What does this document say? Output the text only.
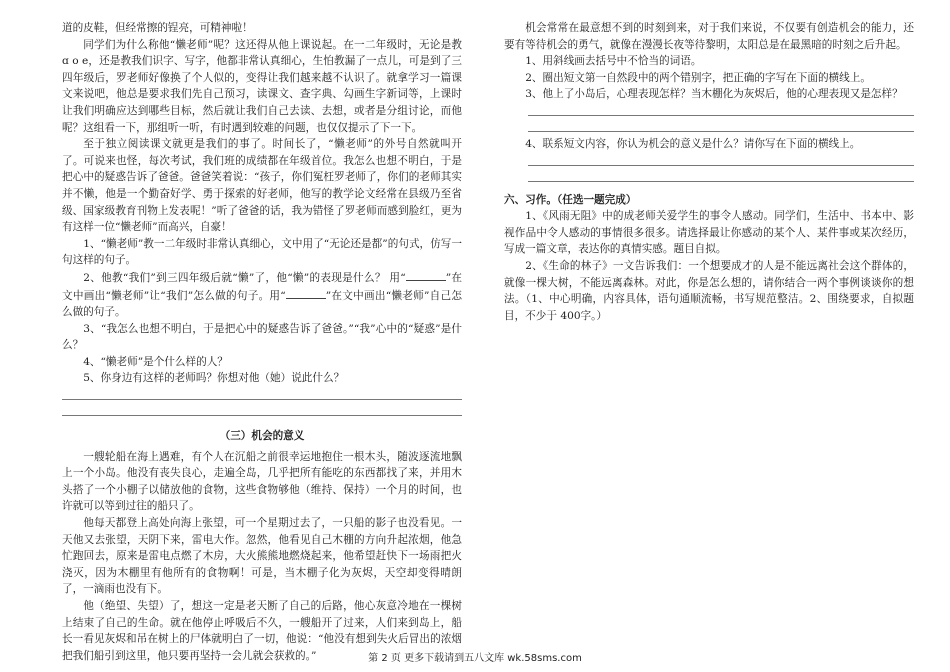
道的皮鞋，但经常擦的锃亮，可精神啦！

同学们为什么称他“懒老师”呢？这还得从他上课说起。在一二年级时，无论是教 ɑ o e，还是教我们识字、写字，他都非常认真细心，生怕教漏了一点儿，可是到了三四年级后，罗老师好像换了个人似的，变得让我们越来越不认识了。就拿学习一篇课文来说吧，他总是要求我们先自己预习，读课文、查字典、勾画生字新词等，上课时让我们明确应达到哪些目标，然后就让我们自己去读、去想，或者是分组讨论，而他呢？这组看一下，那组听一听，有时遇到较难的问题，也仅仅提示了下一下。

至于独立阅读课文就更是我们的事了。时间长了，“懒老师”的外号自然就叫开了。可说来也怪，每次考试，我们班的成绩都在年级首位。我怎么也想不明白，于是把心中的疑惑告诉了爸爸。爸爸笑着说：“孩子，你们冤枉罗老师了，你们的老师其实并不懒，他是一个勤奋好学、勇于探索的好老师，他写的教学论文经常在县级乃至省级、国家级教育刊物上发表呢！”听了爸爸的话，我为错怪了罗老师而感到脸红，更为有这样一位“懒老师”而高兴，自豪！

1、“懒老师”教一二年级时非常认真细心，文中用了“无论还是都”的句式，仿写一句这样的句子。

2、他教“我们”到三四年级后就“懒”了，他“懒”的表现是什么？ 用“	”在文中画出“懒老师”让“我们”怎么做的句子。用“	”在文中画出“懒老师”自己怎么做的句子。

3、“我怎么也想不明白，于是把心中的疑惑告诉了爸爸。”“我”心中的“疑惑”是什么？

4、“懒老师”是个什么样的人？

5、你身边有这样的老师吗？你想对他（她）说此什么？

（三）机会的意义

一艘轮船在海上遇难，有个人在沉船之前很幸运地抱住一根木头，随波逐流地飘上一个小岛。他没有丧失良心，走遍全岛，几乎把所有能吃的东西都找了来，并用木头搭了一个小棚子以储放他的食物，这些食物够他（维持、保持）一个月的时间，也许就可以等到过往的船只了。

他每天都登上高处向海上张望，可一个星期过去了，一只船的影子也没看见。一天他又去张望，天阴下来，雷电大作。忽然，他看见自己木棚的方向升起浓烟，他急忙跑回去，原来是雷电点燃了木房，大火熊熊地燃烧起来，他希望赶快下一场雨把火浇灭，因为木棚里有他所有的食物啊！可是，当木棚子化为灰烬，天空却变得晴朗了，一滴雨也没有下。

他（绝望、失望）了，想这一定是老天断了自己的后路，他心灰意冷地在一棵树上结束了自己的生命。就在他停止呼吸后不久，一艘船开了过来，人们来到岛上，船长一看见灰烬和吊在树上的尸体就明白了一切，他说：“他没有想到失火后冒出的浓烟把我们船引到这里，他只要再坚持一会儿就会获救的。”

机会常常在最意想不到的时刻到来，对于我们来说，不仅要有创造机会的能力，还要有等待机会的勇气，就像在漫漫长夜等待黎明，太阳总是在最黑暗的时刻之后升起。

1、用斜线画去括号中不恰当的词语。

2、圈出短文第一自然段中的两个错别字，把正确的字写在下面的横线上。

3、他上了小岛后，心理表现怎样？当木棚化为灰烬后，他的心理表现又是怎样？

4、联系短文内容，你认为机会的意义是什么？请你写在下面的横线上。

六、习作。（任选一题完成）

1、《风雨无阻》中的成老师关爱学生的事令人感动。同学们，生活中、书本中、影视作品中令人感动的事情很多很多。请选择最让你感动的某个人、某件事或某次经历，写成一篇文章，表达你的真情实感。题目自拟。

2、《生命的林子》一文告诉我们：一个想要成才的人是不能远离社会这个群体的，就像一棵大树，不能远离森林。对此，你是怎么想的，请你结合一两个事例谈谈你的想法。（1、中心明确，内容具体，语句通顺流畅，书写规范整洁。2、围绕要求，自拟题目，不少于 400字。）

第 2 页 更多下载请到五八文库 wk.58sms.com
